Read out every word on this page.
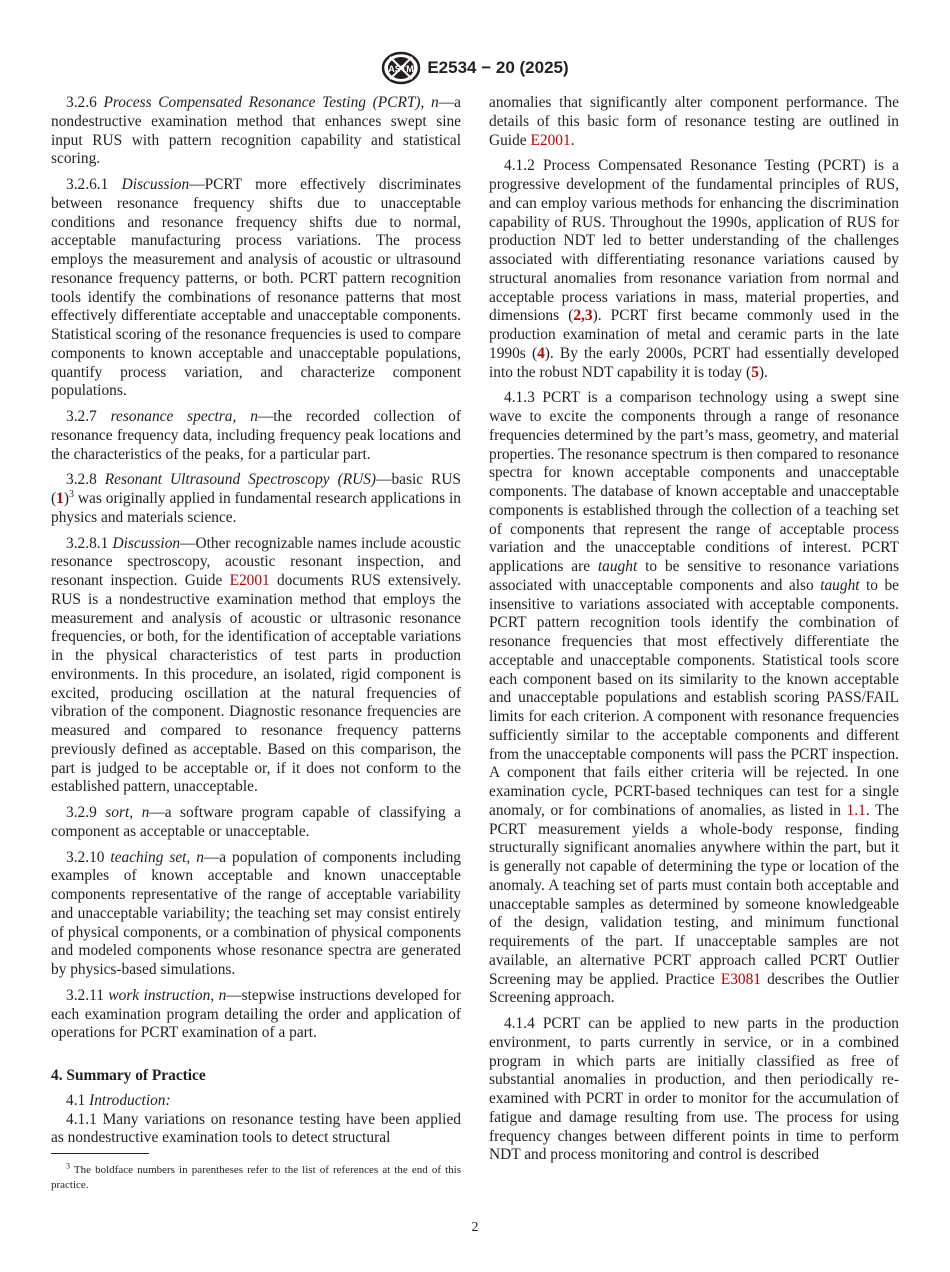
ASTM E2534 − 20 (2025)

3.2.6 Process Compensated Resonance Testing (PCRT), n—a nondestructive examination method that enhances swept sine input RUS with pattern recognition capability and statistical scoring.

3.2.6.1 Discussion—PCRT more effectively discriminates between resonance frequency shifts due to unacceptable conditions and resonance frequency shifts due to normal, acceptable manufacturing process variations. The process employs the measurement and analysis of acoustic or ultrasound resonance frequency patterns, or both. PCRT pattern recognition tools identify the combinations of resonance patterns that most effectively differentiate acceptable and unacceptable components. Statistical scoring of the resonance frequencies is used to compare components to known acceptable and unacceptable populations, quantify process variation, and characterize component populations.

3.2.7 resonance spectra, n—the recorded collection of resonance frequency data, including frequency peak locations and the characteristics of the peaks, for a particular part.

3.2.8 Resonant Ultrasound Spectroscopy (RUS)—basic RUS $(1)^3$ was originally applied in fundamental research applications in physics and materials science.

3.2.8.1 Discussion—Other recognizable names include acoustic resonance spectroscopy, acoustic resonant inspection, and resonant inspection. Guide E2001 documents RUS extensively. RUS is a nondestructive examination method that employs the measurement and analysis of acoustic or ultrasonic resonance frequencies, or both, for the identification of acceptable variations in the physical characteristics of test parts in production environments. In this procedure, an isolated, rigid component is excited, producing oscillation at the natural frequencies of vibration of the component. Diagnostic resonance frequencies are measured and compared to resonance frequency patterns previously defined as acceptable. Based on this comparison, the part is judged to be acceptable or, if it does not conform to the established pattern, unacceptable.

3.2.9 sort, n—a software program capable of classifying a component as acceptable or unacceptable.

3.2.10 teaching set, n—a population of components including examples of known acceptable and known unacceptable components representative of the range of acceptable variability and unacceptable variability; the teaching set may consist entirely of physical components, or a combination of physical components and modeled components whose resonance spectra are generated by physics-based simulations.

3.2.11 work instruction, n—stepwise instructions developed for each examination program detailing the order and application of operations for PCRT examination of a part.

4. Summary of Practice

4.1 Introduction:

4.1.1 Many variations on resonance testing have been applied as nondestructive examination tools to detect structural

anomalies that significantly alter component performance. The details of this basic form of resonance testing are outlined in Guide E2001.

4.1.2 Process Compensated Resonance Testing (PCRT) is a progressive development of the fundamental principles of RUS, and can employ various methods for enhancing the discrimination capability of RUS. Throughout the 1990s, application of RUS for production NDT led to better understanding of the challenges associated with differentiating resonance variations caused by structural anomalies from resonance variation from normal and acceptable process variations in mass, material properties, and dimensions (2,3). PCRT first became commonly used in the production examination of metal and ceramic parts in the late 1990s (4). By the early 2000s, PCRT had essentially developed into the robust NDT capability it is today (5).

4.1.3 PCRT is a comparison technology using a swept sine wave to excite the components through a range of resonance frequencies determined by the part’s mass, geometry, and material properties. The resonance spectrum is then compared to resonance spectra for known acceptable components and unacceptable components. The database of known acceptable and unacceptable components is established through the collection of a teaching set of components that represent the range of acceptable process variation and the unacceptable conditions of interest. PCRT applications are taught to be sensitive to resonance variations associated with unacceptable components and also taught to be insensitive to variations associated with acceptable components. PCRT pattern recognition tools identify the combination of resonance frequencies that most effectively differentiate the acceptable and unacceptable components. Statistical tools score each component based on its similarity to the known acceptable and unacceptable populations and establish scoring PASS/FAIL limits for each criterion. A component with resonance frequencies sufficiently similar to the acceptable components and different from the unacceptable components will pass the PCRT inspection. A component that fails either criteria will be rejected. In one examination cycle, PCRT-based techniques can test for a single anomaly, or for combinations of anomalies, as listed in 1.1. The PCRT measurement yields a whole-body response, finding structurally significant anomalies anywhere within the part, but it is generally not capable of determining the type or location of the anomaly. A teaching set of parts must contain both acceptable and unacceptable samples as determined by someone knowledgeable of the design, validation testing, and minimum functional requirements of the part. If unacceptable samples are not available, an alternative PCRT approach called PCRT Outlier Screening may be applied. Practice E3081 describes the Outlier Screening approach.

4.1.4 PCRT can be applied to new parts in the production environment, to parts currently in service, or in a combined program in which parts are initially classified as free of substantial anomalies in production, and then periodically re-examined with PCRT in order to monitor for the accumulation of fatigue and damage resulting from use. The process for using frequency changes between different points in time to perform NDT and process monitoring and control is described

$^3$ The boldface numbers in parentheses refer to the list of references at the end of this practice.
2
